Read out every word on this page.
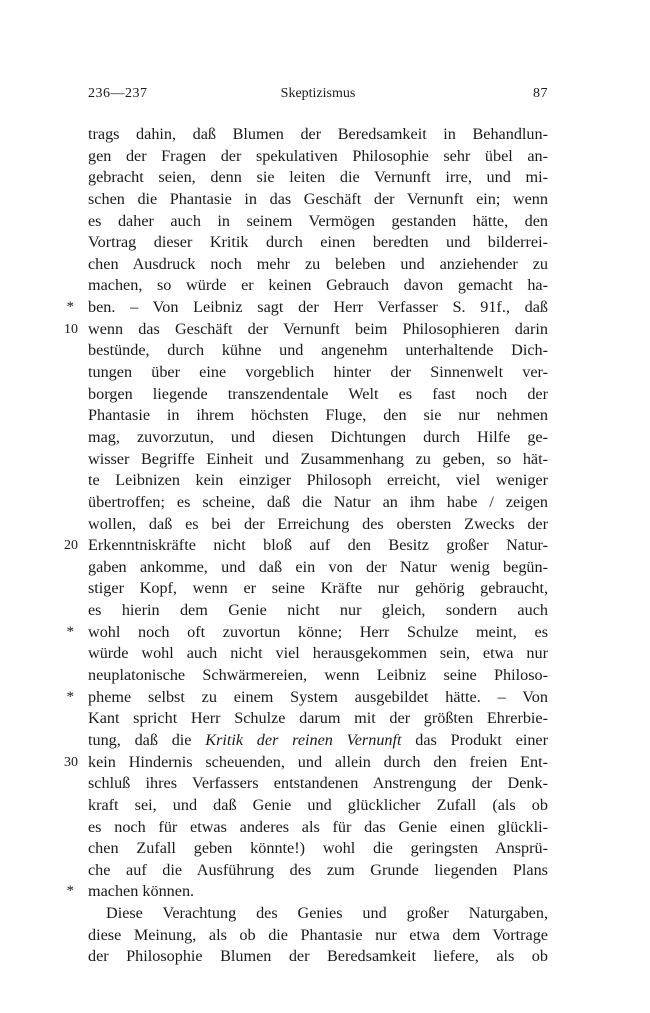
236—237	Skeptizismus	87
trags dahin, daß Blumen der Beredsamkeit in Behandlun-
gen der Fragen der spekulativen Philosophie sehr übel an-
gebracht seien, denn sie leiten die Vernunft irre, und mi-
schen die Phantasie in das Geschäft der Vernunft ein; wenn
es daher auch in seinem Vermögen gestanden hätte, den
Vortrag dieser Kritik durch einen beredten und bilderrei-
chen Ausdruck noch mehr zu beleben und anziehender zu
machen, so würde er keinen Gebrauch davon gemacht ha-
* ben. – Von Leibniz sagt der Herr Verfasser S. 91f., daß
10 wenn das Geschäft der Vernunft beim Philosophieren darin
bestünde, durch kühne und angenehm unterhaltende Dich-
tungen über eine vorgeblich hinter der Sinnenwelt ver-
borgen liegende transzendentale Welt es fast noch der
Phantasie in ihrem höchsten Fluge, den sie nur nehmen
mag, zuvorzutun, und diesen Dichtungen durch Hilfe ge-
wisser Begriffe Einheit und Zusammenhang zu geben, so hät-
te Leibnizen kein einziger Philosoph erreicht, viel weniger
übertroffen; es scheine, daß die Natur an ihm habe / zeigen
wollen, daß es bei der Erreichung des obersten Zwecks der
20 Erkenntniskräfte nicht bloß auf den Besitz großer Natur-
gaben ankomme, und daß ein von der Natur wenig begün-
stiger Kopf, wenn er seine Kräfte nur gehörig gebraucht,
es hierin dem Genie nicht nur gleich, sondern auch
* wohl noch oft zuvortun könne; Herr Schulze meint, es
würde wohl auch nicht viel herausgekommen sein, etwa nur
neuplatonische Schwärmereien, wenn Leibniz seine Philoso-
* pheme selbst zu einem System ausgebildet hätte. – Von
Kant spricht Herr Schulze darum mit der größten Ehrerbie-
tung, daß die Kritik der reinen Vernunft das Produkt einer
30 kein Hindernis scheuenden, und allein durch den freien Ent-
schluß ihres Verfassers entstandenen Anstrengung der Denk-
kraft sei, und daß Genie und glücklicher Zufall (als ob
es noch für etwas anderes als für das Genie einen glückli-
chen Zufall geben könnte!) wohl die geringsten Ansprü-
che auf die Ausführung des zum Grunde liegenden Plans
* machen können.
Diese Verachtung des Genies und großer Naturgaben,
diese Meinung, als ob die Phantasie nur etwa dem Vortrage
der Philosophie Blumen der Beredsamkeit liefere, als ob
